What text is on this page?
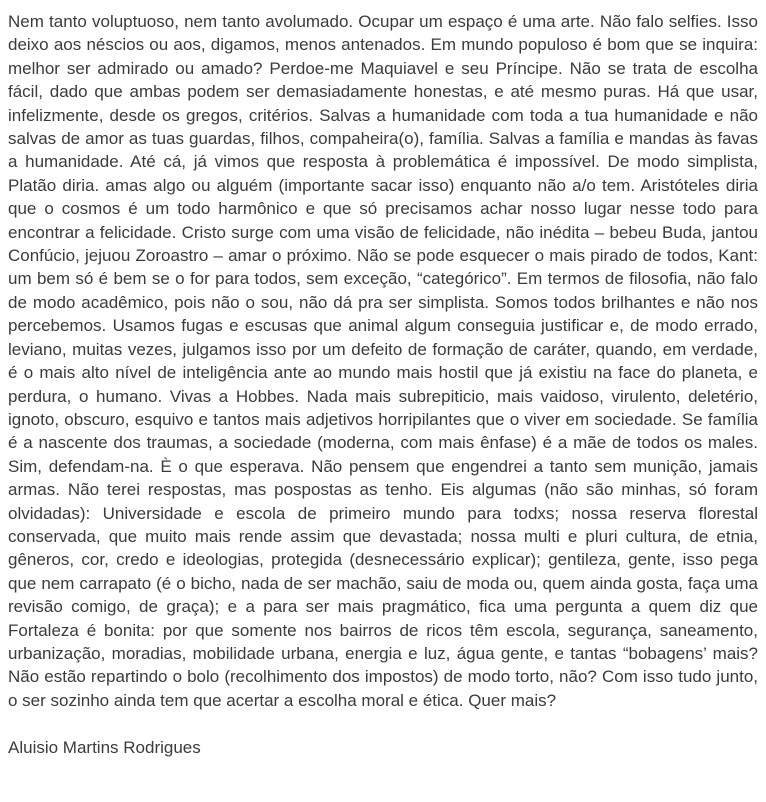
Nem tanto voluptuoso, nem tanto avolumado. Ocupar um espaço é uma arte. Não falo selfies. Isso deixo aos néscios ou aos, digamos, menos antenados. Em mundo populoso é bom que se inquira: melhor ser admirado ou amado? Perdoe-me Maquiavel e seu Príncipe. Não se trata de escolha fácil, dado que ambas podem ser demasiadamente honestas, e até mesmo puras. Há que usar, infelizmente, desde os gregos, critérios. Salvas a humanidade com toda a tua humanidade e não salvas de amor as tuas guardas, filhos, compaheira(o), família. Salvas a família e mandas às favas a humanidade. Até cá, já vimos que resposta à problemática é impossível. De modo simplista, Platão diria. amas algo ou alguém (importante sacar isso) enquanto não a/o tem. Aristóteles diria que o cosmos é um todo harmônico e que só precisamos achar nosso lugar nesse todo para encontrar a felicidade. Cristo surge com uma visão de felicidade, não inédita – bebeu Buda, jantou Confúcio, jejuou Zoroastro – amar o próximo. Não se pode esquecer o mais pirado de todos, Kant: um bem só é bem se o for para todos, sem exceção, “categórico”. Em termos de filosofia, não falo de modo acadêmico, pois não o sou, não dá pra ser simplista. Somos todos brilhantes e não nos percebemos. Usamos fugas e escusas que animal algum conseguia justificar e, de modo errado, leviano, muitas vezes, julgamos isso por um defeito de formação de caráter, quando, em verdade, é o mais alto nível de inteligência ante ao mundo mais hostil que já existiu na face do planeta, e perdura, o humano. Vivas a Hobbes. Nada mais subrepiticio, mais vaidoso, virulento, deletério, ignoto, obscuro, esquivo e tantos mais adjetivos horripilantes que o viver em sociedade. Se família é a nascente dos traumas, a sociedade (moderna, com mais ênfase) é a mãe de todos os males. Sim, defendam-na. È o que esperava. Não pensem que engendrei a tanto sem munição, jamais armas. Não terei respostas, mas pospostas as tenho. Eis algumas (não são minhas, só foram olvidadas): Universidade e escola de primeiro mundo para todxs; nossa reserva florestal conservada, que muito mais rende assim que devastada; nossa multi e pluri cultura, de etnia, gêneros, cor, credo e ideologias, protegida (desnecessário explicar); gentileza, gente, isso pega que nem carrapato (é o bicho, nada de ser machão, saiu de moda ou, quem ainda gosta, faça uma revisão comigo, de graça); e a para ser mais pragmático, fica uma pergunta a quem diz que Fortaleza é bonita: por que somente nos bairros de ricos têm escola, segurança, saneamento, urbanização, moradias, mobilidade urbana, energia e luz, água gente, e tantas “bobagens’ mais? Não estão repartindo o bolo (recolhimento dos impostos) de modo torto, não? Com isso tudo junto, o ser sozinho ainda tem que acertar a escolha moral e ética. Quer mais?

Aluisio Martins Rodrigues
